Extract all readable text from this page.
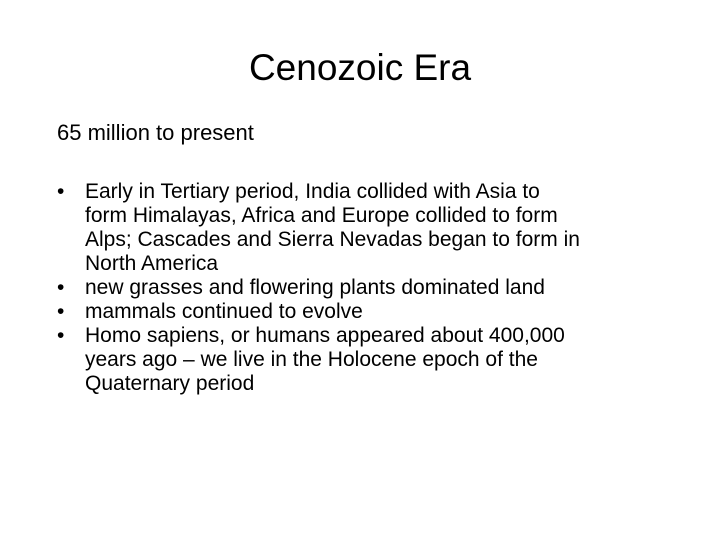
Cenozoic Era

65 million to present

• Early in Tertiary period, India collided with Asia to
form Himalayas, Africa and Europe collided to form
Alps; Cascades and Sierra Nevadas began to form in
North America
• new grasses and flowering plants dominated land
• mammals continued to evolve
• Homo sapiens, or humans appeared about 400,000
years ago – we live in the Holocene epoch of the
Quaternary period
